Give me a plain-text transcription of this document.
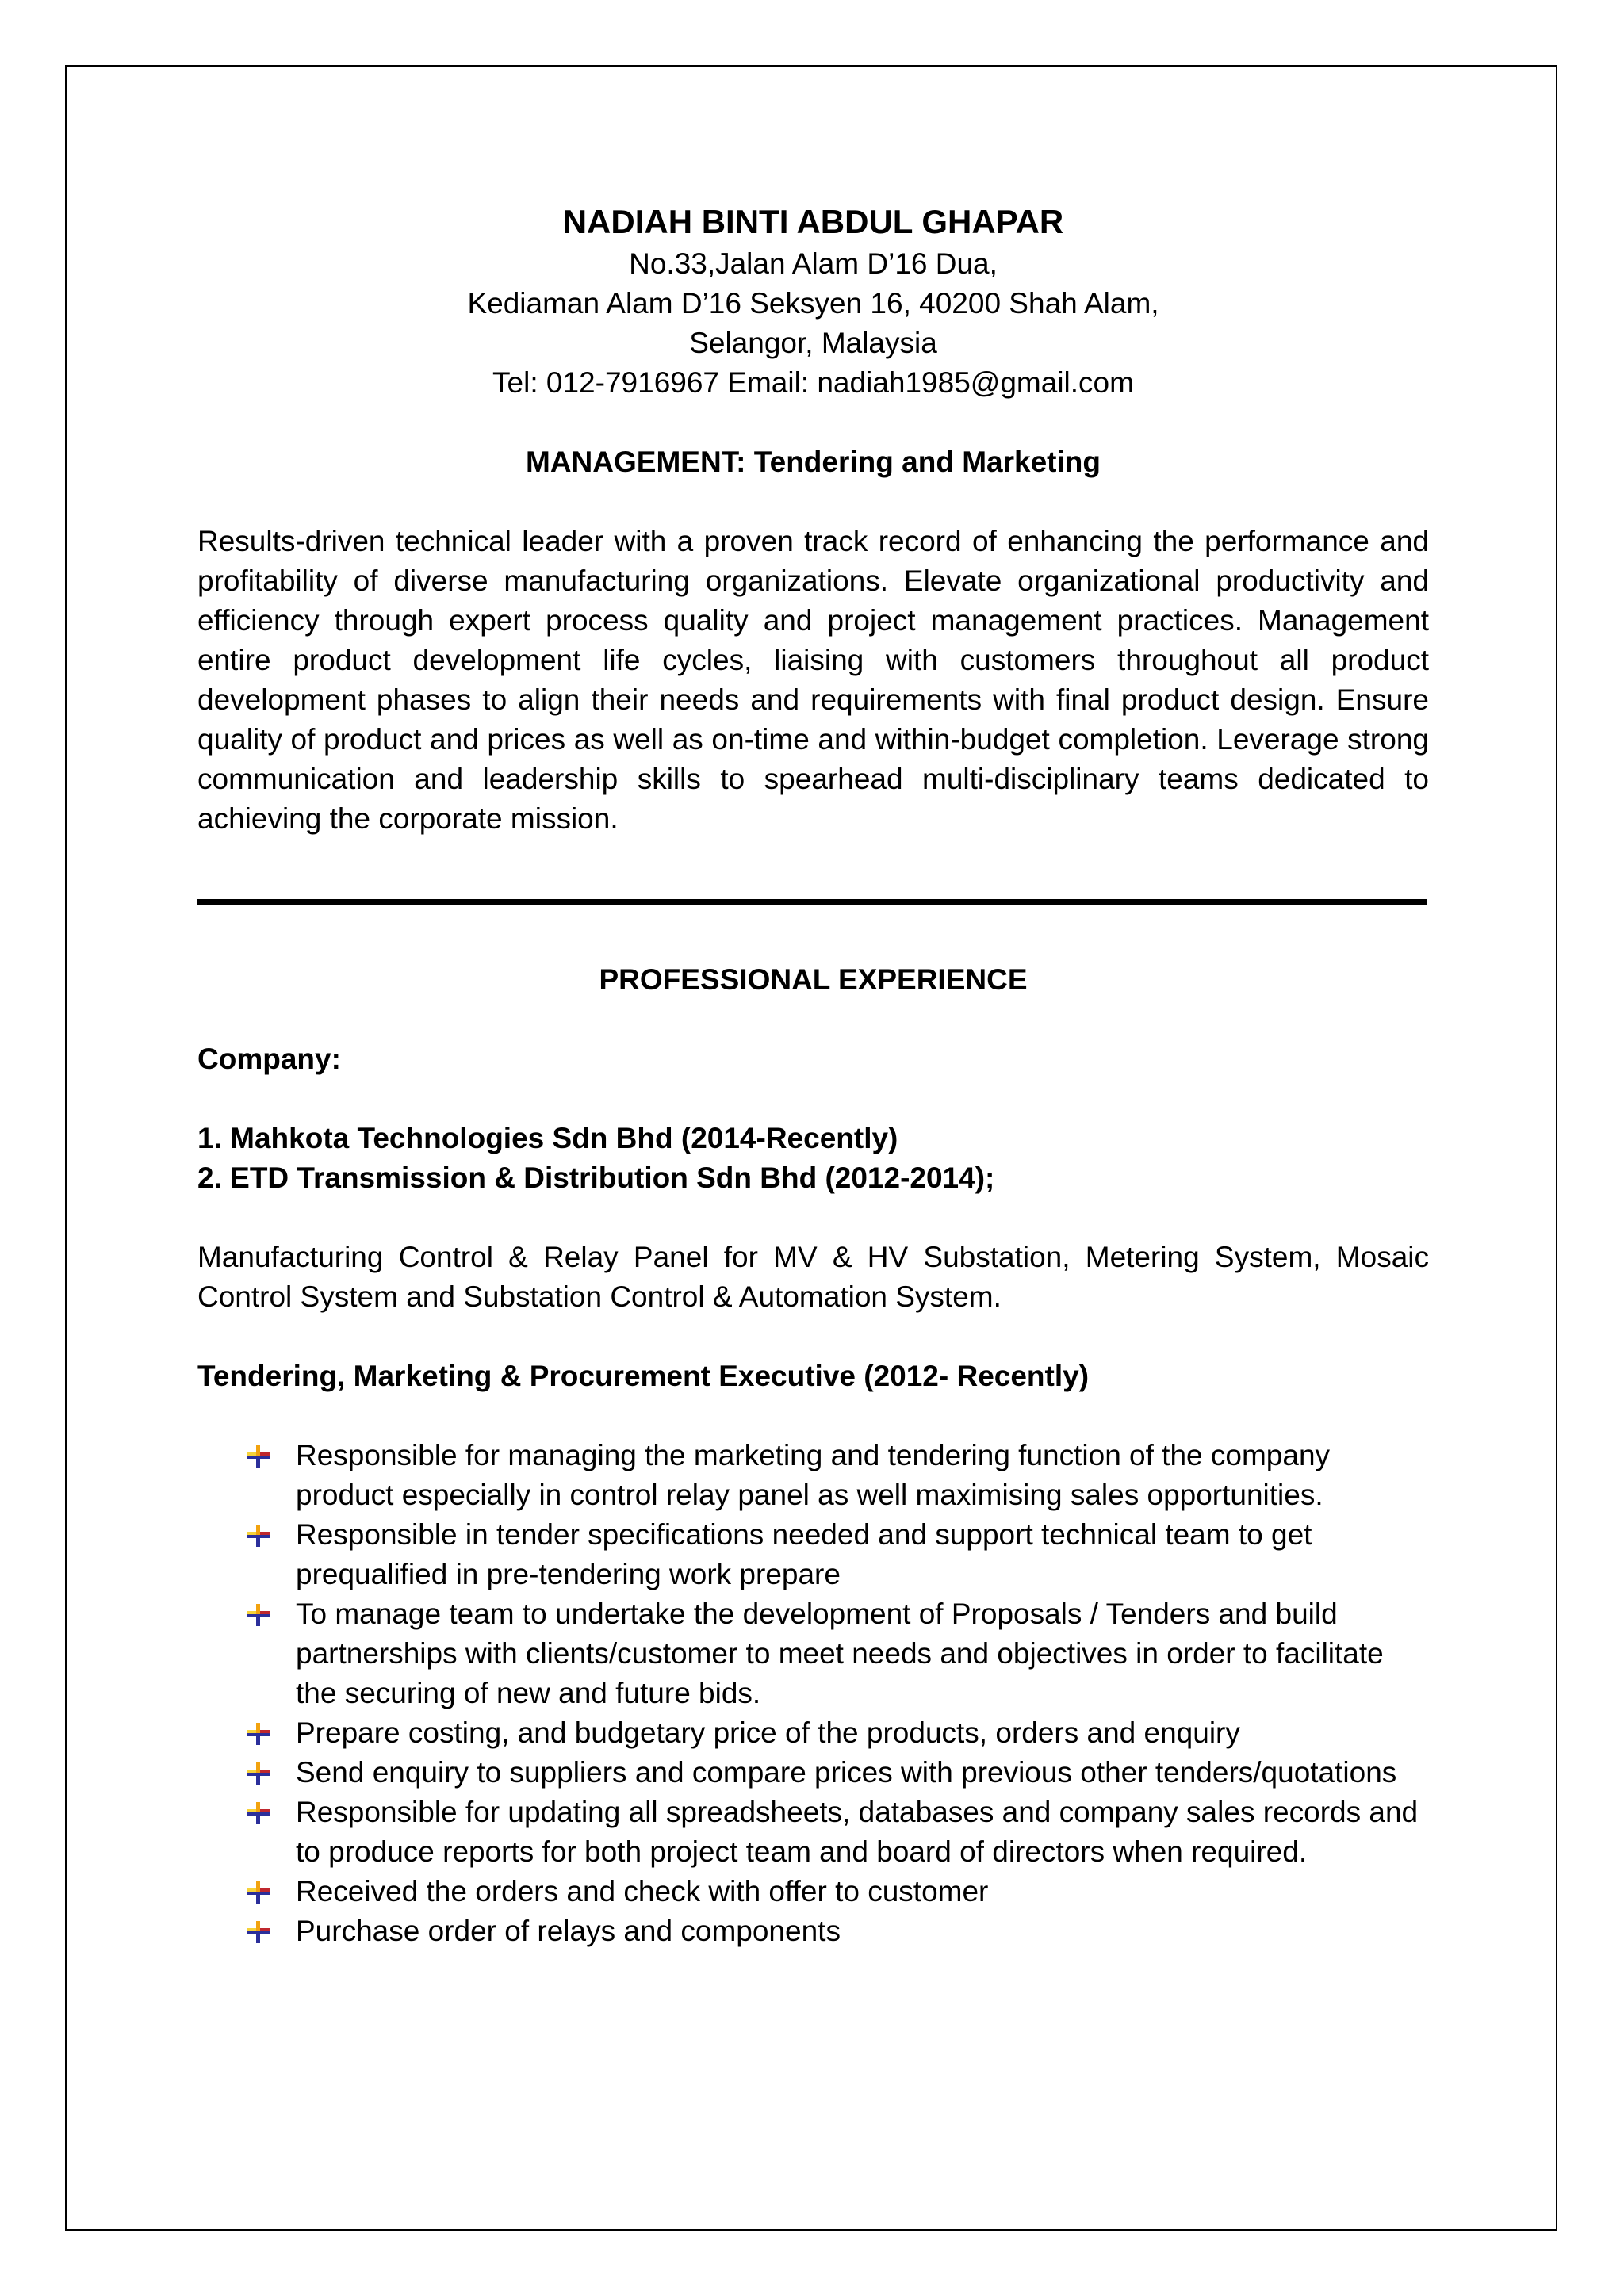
NADIAH BINTI ABDUL GHAPAR
No.33,Jalan Alam D’16 Dua,
Kediaman Alam D’16 Seksyen 16, 40200 Shah Alam,
Selangor, Malaysia
Tel: 012-7916967 Email: nadiah1985@gmail.com
MANAGEMENT: Tendering and Marketing
Results-driven technical leader with a proven track record of enhancing the performance and profitability of diverse manufacturing organizations. Elevate organizational productivity and efficiency through expert process quality and project management practices. Management entire product development life cycles, liaising with customers throughout all product development phases to align their needs and requirements with final product design. Ensure quality of product and prices as well as on-time and within-budget completion. Leverage strong communication and leadership skills to spearhead multi-disciplinary teams dedicated to achieving the corporate mission.
PROFESSIONAL EXPERIENCE
Company:
1. Mahkota Technologies Sdn Bhd (2014-Recently)
2. ETD Transmission & Distribution Sdn Bhd (2012-2014);
Manufacturing Control & Relay Panel for MV & HV Substation, Metering System, Mosaic Control System and Substation Control & Automation System.
Tendering, Marketing & Procurement Executive (2012- Recently)
Responsible for managing the marketing and tendering function of the company product especially in control relay panel as well maximising sales opportunities.
Responsible in tender specifications needed and support technical team to get prequalified in pre-tendering work prepare
To manage team to undertake the development of Proposals / Tenders and build partnerships with clients/customer to meet needs and objectives in order to facilitate the securing of new and future bids.
Prepare costing, and budgetary price of the products, orders and enquiry
Send enquiry to suppliers and compare prices with previous other tenders/quotations
Responsible for updating all spreadsheets, databases and company sales records and to produce reports for both project team and board of directors when required.
Received the orders and check with offer to customer
Purchase order of relays and components
